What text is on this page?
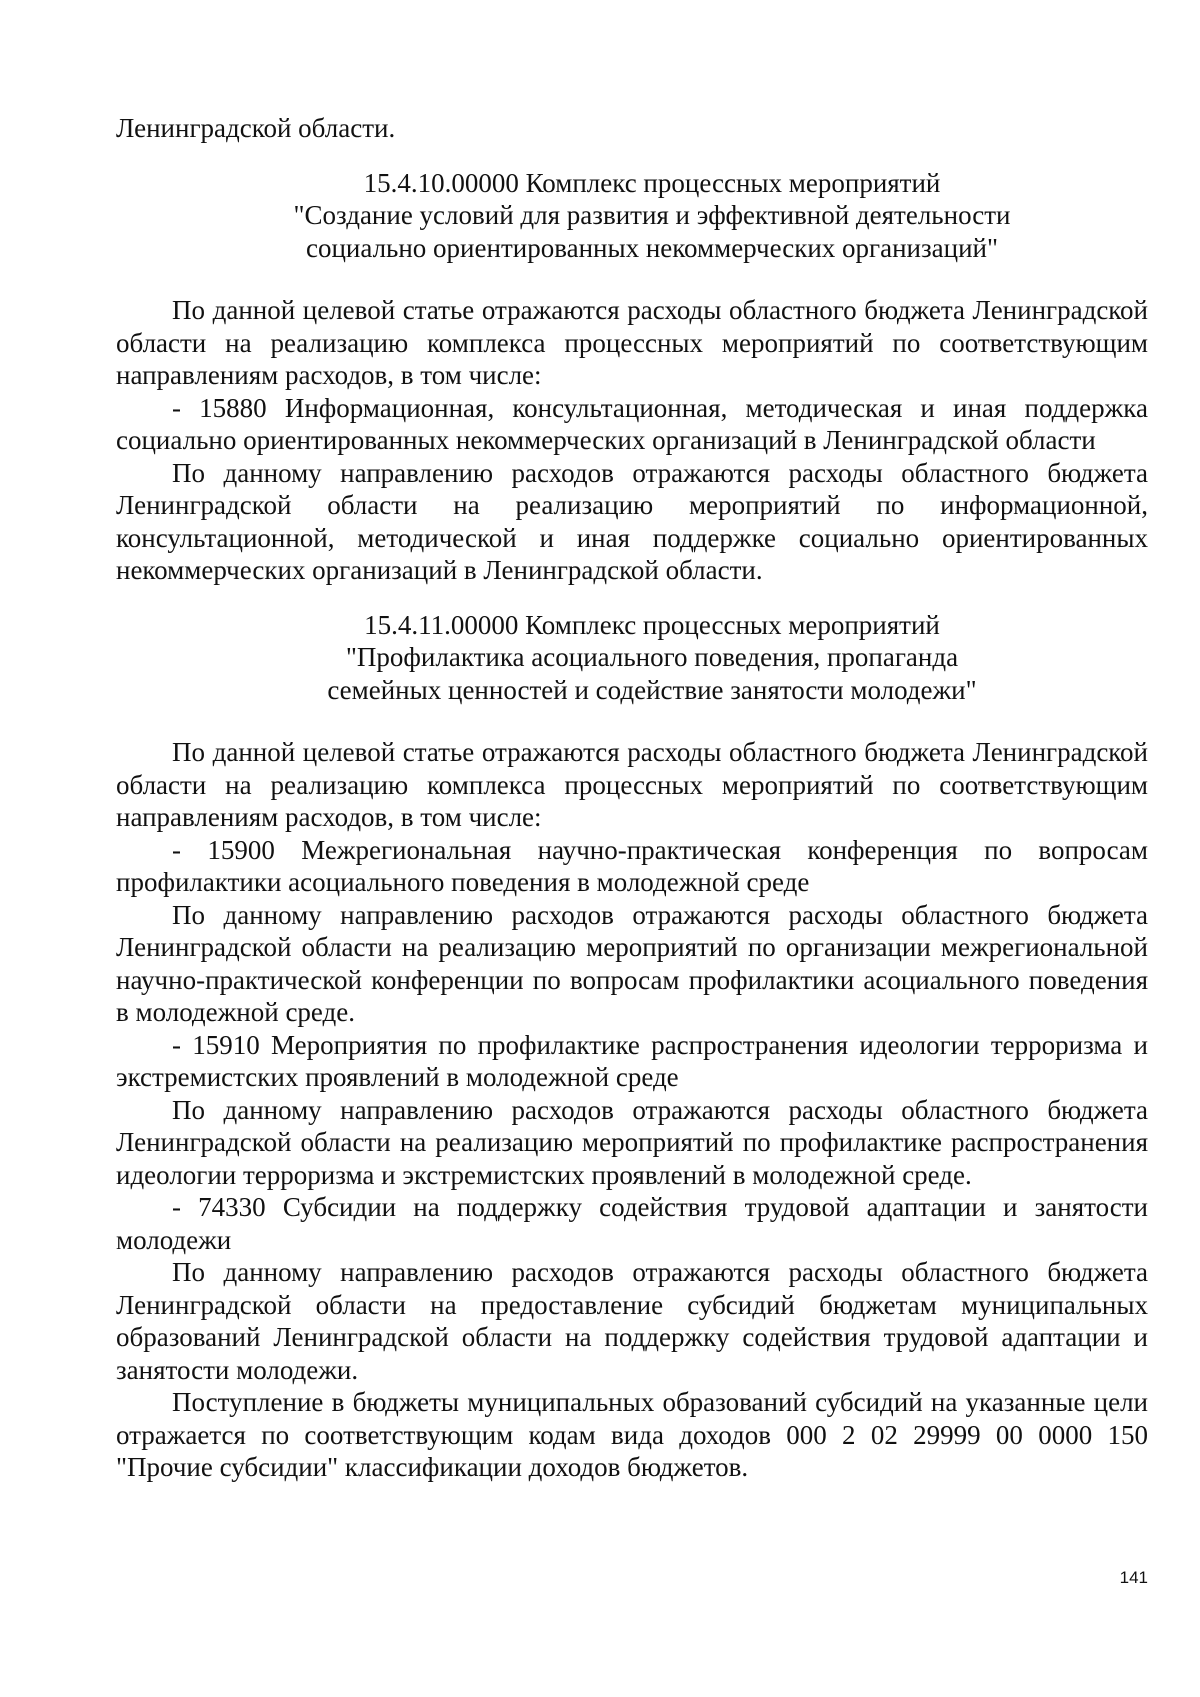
Ленинградской области.

15.4.10.00000 Комплекс процессных мероприятий

"Создание условий для развития и эффективной деятельности

социально ориентированных некоммерческих организаций"

По данной целевой статье отражаются расходы областного бюджета Ленинградской области на реализацию комплекса процессных мероприятий по соответствующим направлениям расходов, в том числе:

- 15880 Информационная, консультационная, методическая и иная поддержка социально ориентированных некоммерческих организаций в Ленинградской области

По данному направлению расходов отражаются расходы областного бюджета Ленинградской области на реализацию мероприятий по информационной, консультационной, методической и иная поддержке социально ориентированных некоммерческих организаций в Ленинградской области.

15.4.11.00000 Комплекс процессных мероприятий

"Профилактика асоциального поведения, пропаганда

семейных ценностей и содействие занятости молодежи"

По данной целевой статье отражаются расходы областного бюджета Ленинградской области на реализацию комплекса процессных мероприятий по соответствующим направлениям расходов, в том числе:

- 15900 Межрегиональная научно-практическая конференция по вопросам профилактики асоциального поведения в молодежной среде

По данному направлению расходов отражаются расходы областного бюджета Ленинградской области на реализацию мероприятий по организации межрегиональной научно-практической конференции по вопросам профилактики асоциального поведения в молодежной среде.

- 15910 Мероприятия по профилактике распространения идеологии терроризма и экстремистских проявлений в молодежной среде

По данному направлению расходов отражаются расходы областного бюджета Ленинградской области на реализацию мероприятий по профилактике распространения идеологии терроризма и экстремистских проявлений в молодежной среде.

- 74330 Субсидии на поддержку содействия трудовой адаптации и занятости молодежи

По данному направлению расходов отражаются расходы областного бюджета Ленинградской области на предоставление субсидий бюджетам муниципальных образований Ленинградской области на поддержку содействия трудовой адаптации и занятости молодежи.

Поступление в бюджеты муниципальных образований субсидий на указанные цели отражается по соответствующим кодам вида доходов 000 2 02 29999 00 0000 150 "Прочие субсидии" классификации доходов бюджетов.

141
